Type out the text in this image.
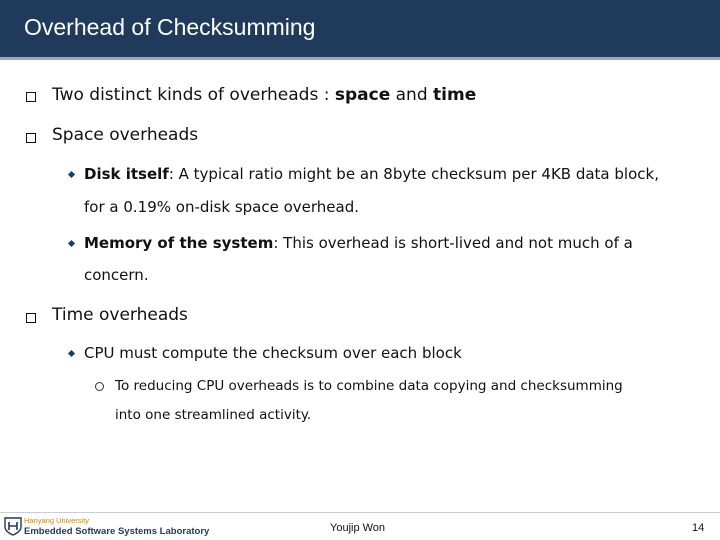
Overhead of Checksumming
Two distinct kinds of overheads : space and time
Space overheads
Disk itself: A typical ratio might be an 8byte checksum per 4KB data block,
for a 0.19% on-disk space overhead.
Memory of the system: This overhead is short-lived and not much of a
concern.
Time overheads
CPU must compute the checksum over each block
To reducing CPU overheads is to combine data copying and checksumming
into one streamlined activity.
Hanyang University
Embedded Software Systems Laboratory	Youjip Won	14
